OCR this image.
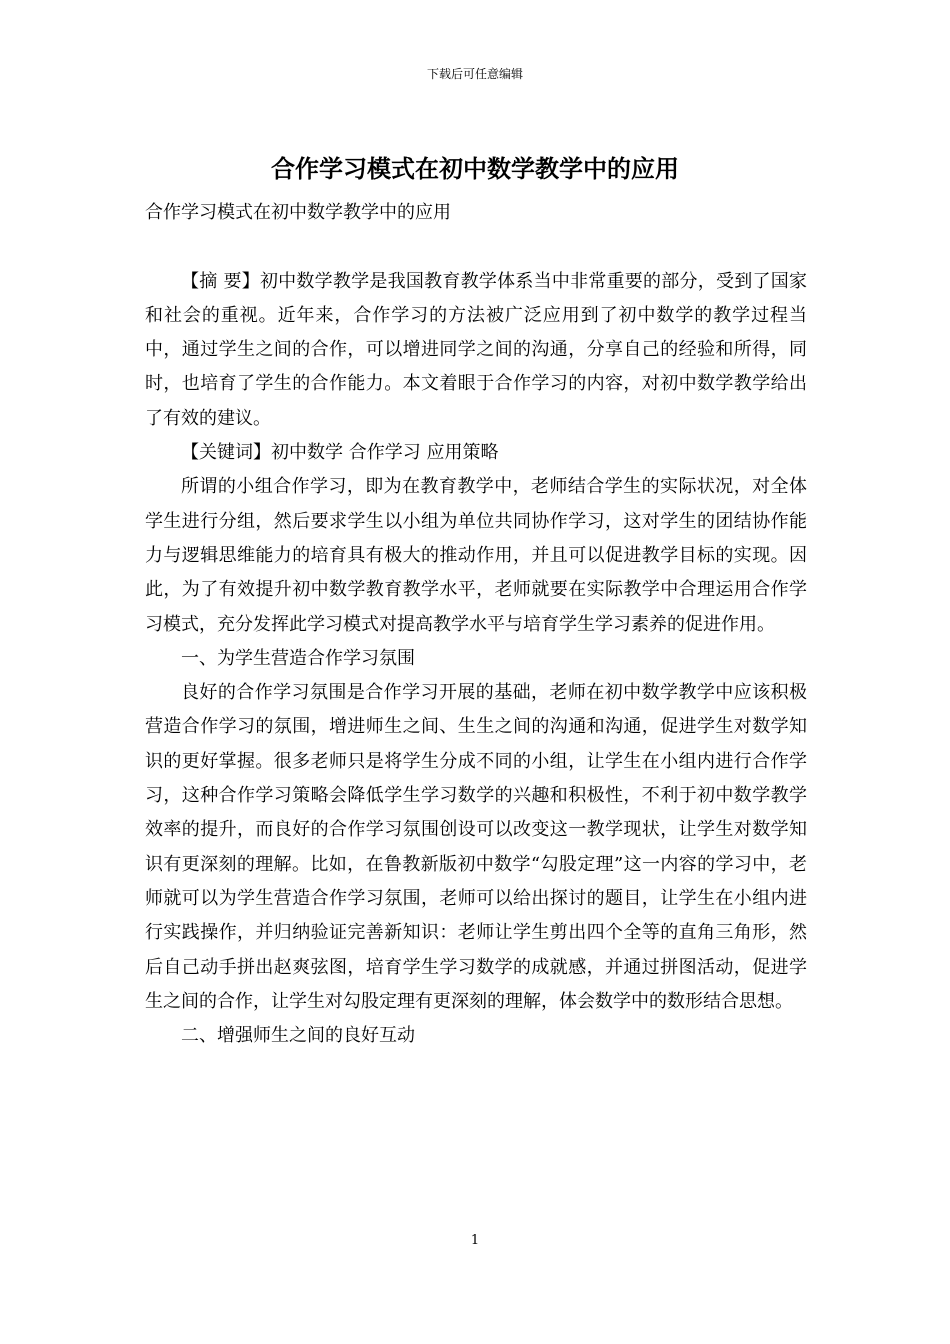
下载后可任意编辑
合作学习模式在初中数学教学中的应用

合作学习模式在初中数学教学中的应用

【摘 要】初中数学教学是我国教育教学体系当中非常重要的部分，受到了国家和社会的重视。近年来，合作学习的方法被广泛应用到了初中数学的教学过程当中，通过学生之间的合作，可以增进同学之间的沟通，分享自己的经验和所得，同时，也培育了学生的合作能力。本文着眼于合作学习的内容，对初中数学教学给出了有效的建议。

【关键词】初中数学 合作学习 应用策略

所谓的小组合作学习，即为在教育教学中，老师结合学生的实际状况，对全体学生进行分组，然后要求学生以小组为单位共同协作学习，这对学生的团结协作能力与逻辑思维能力的培育具有极大的推动作用，并且可以促进教学目标的实现。因此，为了有效提升初中数学教育教学水平，老师就要在实际教学中合理运用合作学习模式，充分发挥此学习模式对提高教学水平与培育学生学习素养的促进作用。

一、为学生营造合作学习氛围

良好的合作学习氛围是合作学习开展的基础，老师在初中数学教学中应该积极营造合作学习的氛围，增进师生之间、生生之间的沟通和沟通，促进学生对数学知识的更好掌握。很多老师只是将学生分成不同的小组，让学生在小组内进行合作学习，这种合作学习策略会降低学生学习数学的兴趣和积极性，不利于初中数学教学效率的提升，而良好的合作学习氛围创设可以改变这一教学现状，让学生对数学知识有更深刻的理解。比如，在鲁教新版初中数学“勾股定理”这一内容的学习中，老师就可以为学生营造合作学习氛围，老师可以给出探讨的题目，让学生在小组内进行实践操作，并归纳验证完善新知识：老师让学生剪出四个全等的直角三角形，然后自己动手拼出赵爽弦图，培育学生学习数学的成就感，并通过拼图活动，促进学生之间的合作，让学生对勾股定理有更深刻的理解，体会数学中的数形结合思想。

二、增强师生之间的良好互动

1
